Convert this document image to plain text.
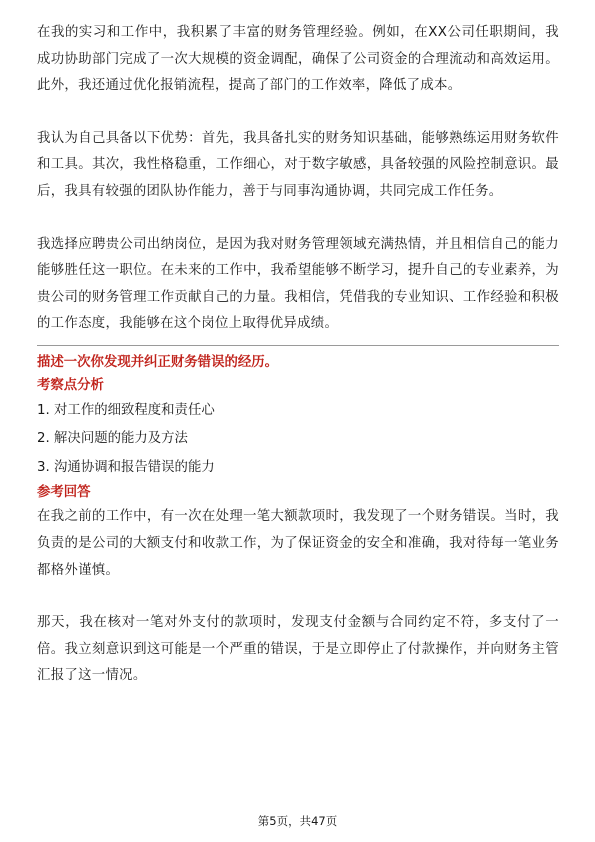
在我的实习和工作中，我积累了丰富的财务管理经验。例如，在XX公司任职期间，我成功协助部门完成了一次大规模的资金调配，确保了公司资金的合理流动和高效运用。此外，我还通过优化报销流程，提高了部门的工作效率，降低了成本。

我认为自己具备以下优势：首先，我具备扎实的财务知识基础，能够熟练运用财务软件和工具。其次，我性格稳重，工作细心，对于数字敏感，具备较强的风险控制意识。最后，我具有较强的团队协作能力，善于与同事沟通协调，共同完成工作任务。

我选择应聘贵公司出纳岗位，是因为我对财务管理领域充满热情，并且相信自己的能力能够胜任这一职位。在未来的工作中，我希望能够不断学习，提升自己的专业素养，为贵公司的财务管理工作贡献自己的力量。我相信，凭借我的专业知识、工作经验和积极的工作态度，我能够在这个岗位上取得优异成绩。

描述一次你发现并纠正财务错误的经历。

考察点分析

1. 对工作的细致程度和责任心
2. 解决问题的能力及方法
3. 沟通协调和报告错误的能力

参考回答

在我之前的工作中，有一次在处理一笔大额款项时，我发现了一个财务错误。当时，我负责的是公司的大额支付和收款工作，为了保证资金的安全和准确，我对待每一笔业务都格外谨慎。

那天，我在核对一笔对外支付的款项时，发现支付金额与合同约定不符，多支付了一倍。我立刻意识到这可能是一个严重的错误，于是立即停止了付款操作，并向财务主管汇报了这一情况。

第5页，共47页
